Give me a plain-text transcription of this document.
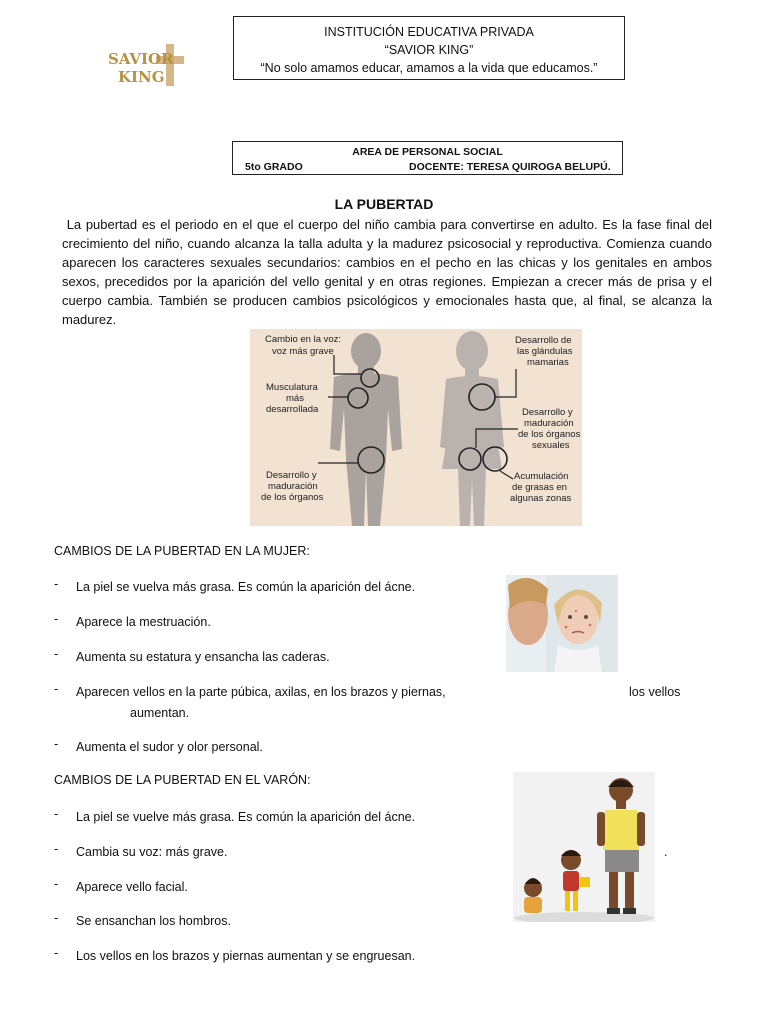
SAVIOR
KING
INSTITUCIÓN EDUCATIVA PRIVADA
“SAVIOR KING”
“No solo amamos educar, amamos a la vida que educamos.”
AREA DE PERSONAL SOCIAL
5to GRADO	DOCENTE: TERESA QUIROGA BELUPÚ.
LA PUBERTAD
La pubertad es el periodo en el que el cuerpo del niño cambia para convertirse en adulto. Es la fase final del crecimiento del niño, cuando alcanza la talla adulta y la madurez psicosocial y reproductiva. Comienza cuando aparecen los caracteres sexuales secundarios: cambios en el pecho en las chicas y los genitales en ambos sexos, precedidos por la aparición del vello genital y en otras regiones. Empiezan a crecer más de prisa y el cuerpo cambia. También se producen cambios psicológicos y emocionales hasta que, al final, se alcanza la madurez.
Cambio en la voz:
voz más grave
Musculatura
más
desarrollada
Desarrollo y
maduración
de los órganos
Desarrollo de
las glándulas
mamarias
Desarrollo y
maduración
de los órganos
sexuales
Acumulación
de grasas en
algunas zonas
CAMBIOS DE LA PUBERTAD EN LA MUJER:
- La piel se vuelva más grasa. Es común la aparición del ácne.
- Aparece la mestruación.
- Aumenta su estatura y ensancha las caderas.
- Aparecen vellos en la parte púbica, axilas, en los brazos y piernas,
aumentan.
los vellos
- Aumenta el sudor y olor personal.
CAMBIOS DE LA PUBERTAD EN EL VARÓN:
- La piel se vuelve más grasa. Es común la aparición del ácne.
- Cambia su voz: más grave.	.
- Aparece vello facial.
- Se ensanchan los hombros.
- Los vellos en los brazos y piernas aumentan y se engruesan.
